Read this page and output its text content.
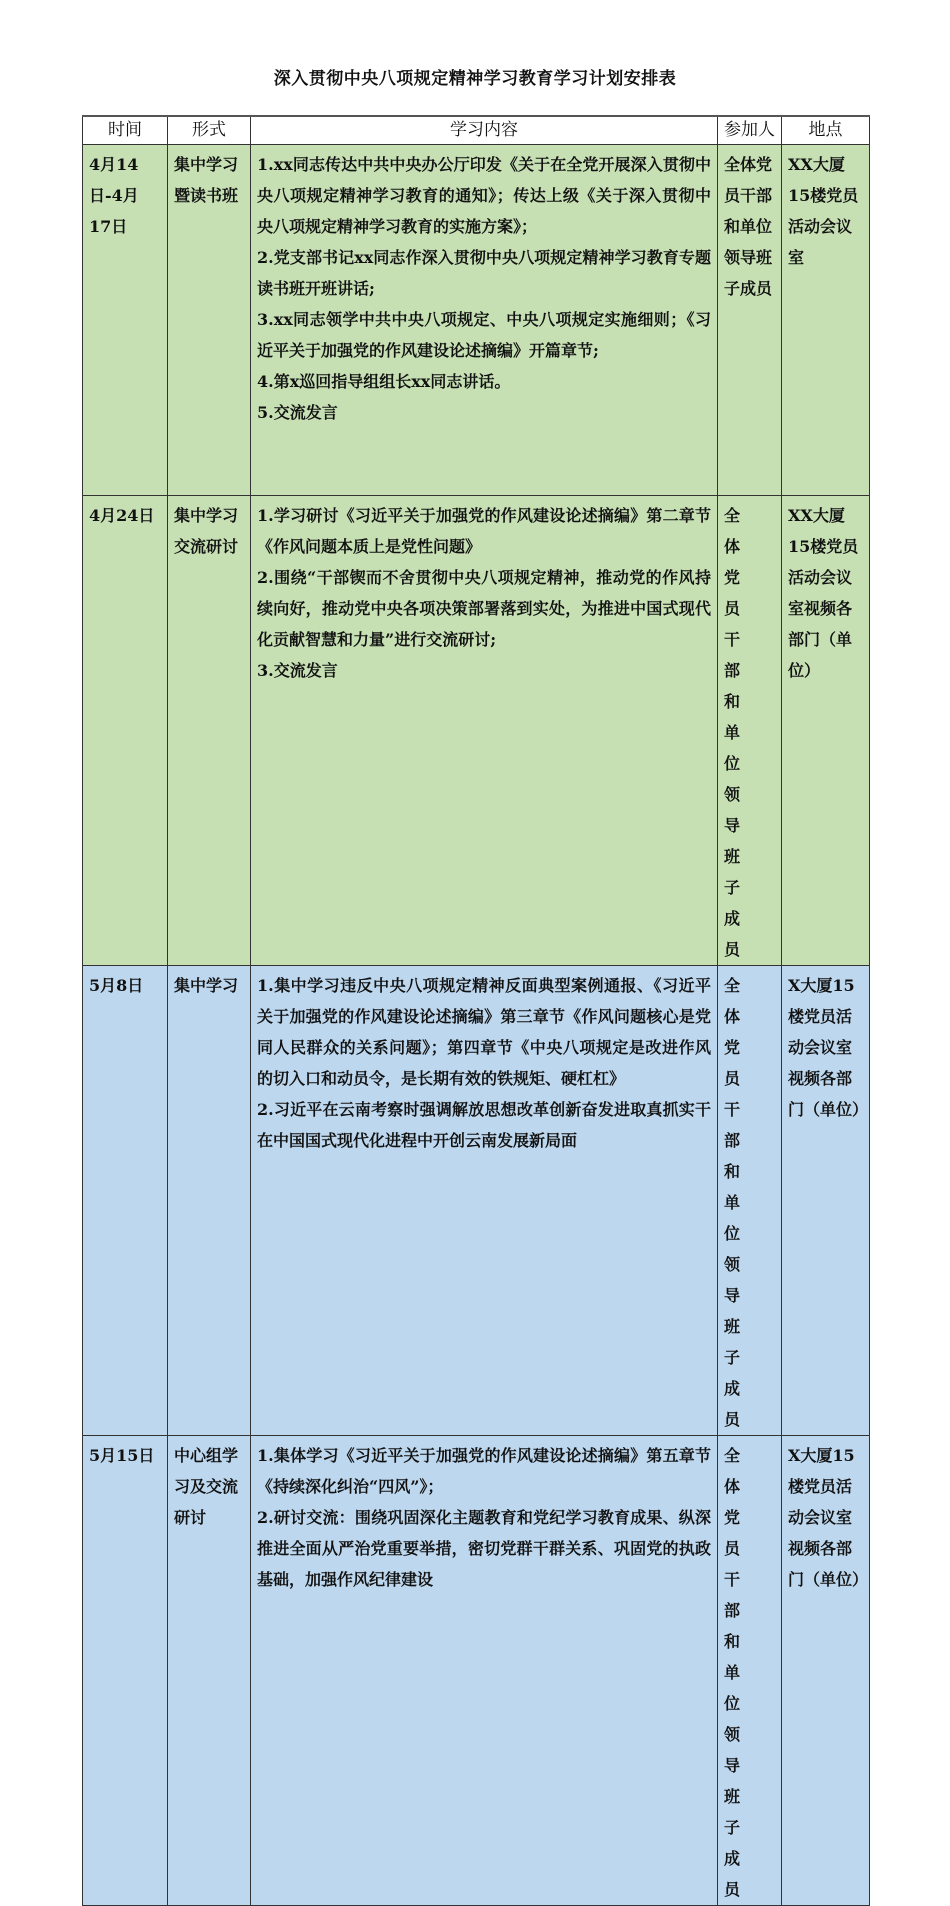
深入贯彻中央八项规定精神学习教育学习计划安排表
时间	形式	学习内容	参加人	地点
4月14日-4月17日	集中学习暨读书班	1.xx同志传达中共中央办公厅印发《关于在全党开展深入贯彻中央八项规定精神学习教育的通知》；传达上级《关于深入贯彻中央八项规定精神学习教育的实施方案》；
2.党支部书记xx同志作深入贯彻中央八项规定精神学习教育专题读书班开班讲话;
3.xx同志领学中共中央八项规定、中央八项规定实施细则；《习近平关于加强党的作风建设论述摘编》开篇章节;
4.第x巡回指导组组长xx同志讲话。
5.交流发言	全体党员干部和单位领导班子成员	XX大厦15楼党员活动会议室
4月24日	集中学习交流研讨	1.学习研讨《习近平关于加强党的作风建设论述摘编》第二章节《作风问题本质上是党性问题》
2.围绕“干部锲而不舍贯彻中央八项规定精神，推动党的作风持续向好，推动党中央各项决策部署落到实处，为推进中国式现代化贡献智慧和力量”进行交流研讨;
3.交流发言	全体党员干部和单位领导班子成员	XX大厦15楼党员活动会议室视频各部门（单位）
5月8日	集中学习	1.集中学习违反中央八项规定精神反面典型案例通报、《习近平关于加强党的作风建设论述摘编》第三章节《作风问题核心是党同人民群众的关系问题》；第四章节《中央八项规定是改进作风的切入口和动员令，是长期有效的铁规矩、硬杠杠》
2.习近平在云南考察时强调解放思想改革创新奋发进取真抓实干在中国国式现代化进程中开创云南发展新局面	全体党员干部和单位领导班子成员	X大厦15楼党员活动会议室视频各部门（单位）
5月15日	中心组学习及交流研讨	1.集体学习《习近平关于加强党的作风建设论述摘编》第五章节《持续深化纠治“四风”》；
2.研讨交流：围绕巩固深化主题教育和党纪学习教育成果、纵深推进全面从严治党重要举措，密切党群干群关系、巩固党的执政基础，加强作风纪律建设	全体党员干部和单位领导班子成员	X大厦15楼党员活动会议室视频各部门（单位）
